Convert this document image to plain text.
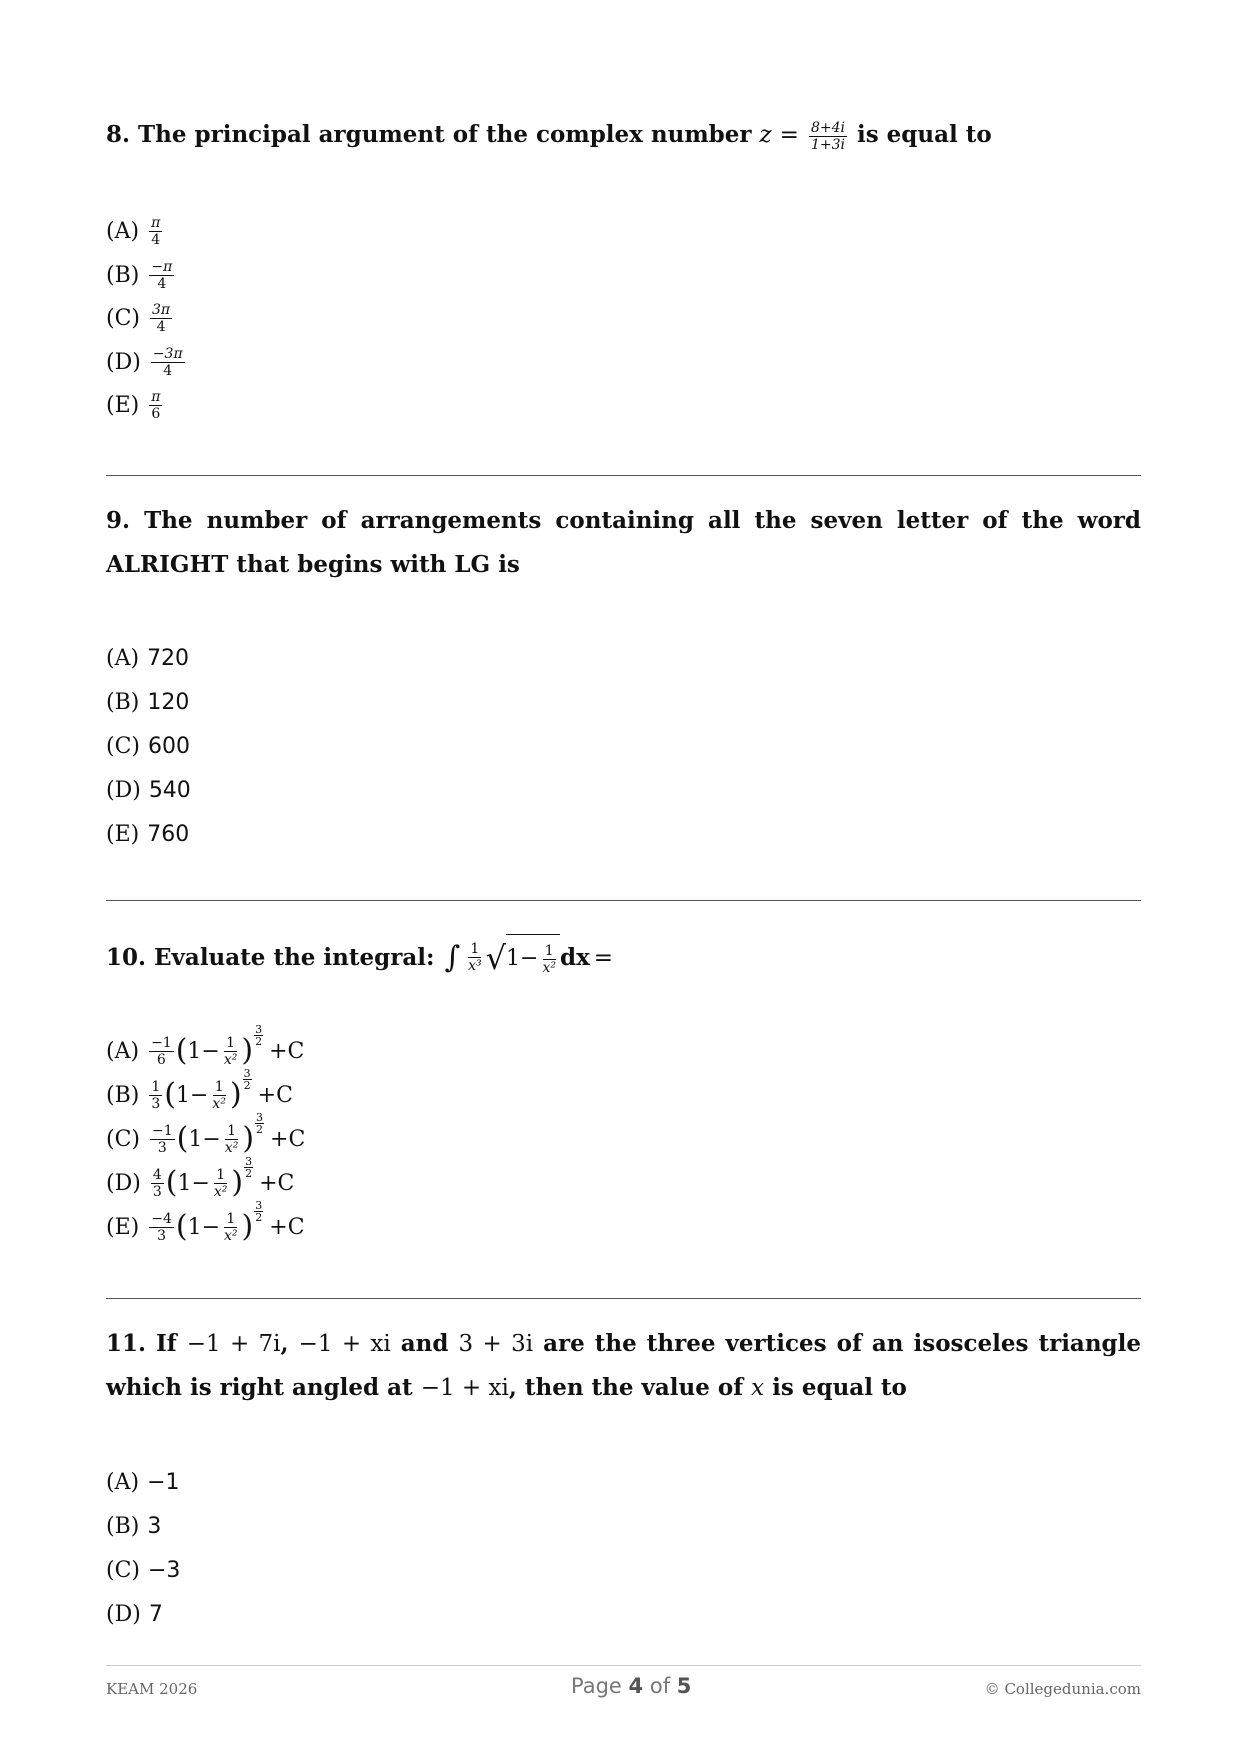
8. The principal argument of the complex number $z = \frac{8+4i}{1+3i}$ is equal to
$(A) \frac{\pi}{4}$
$(B) \frac{-\pi}{4}$
$(C) \frac{3\pi}{4}$
$(D) \frac{-3\pi}{4}$
$(E) \frac{\pi}{6}$
9. The number of arrangements containing all the seven letter of the word ALRIGHT that begins with LG is
(A) 720
(B) 120
(C) 600
(D) 540
(E) 760
10. Evaluate the integral: ∫ $\frac{1}{\text{x³}}$ √ $1- \frac{1}{\text{x²}}$ dx =
$(A) \frac{-1}{6}$ ( $1- \frac{1}{\text{x²}}$ )
3
2 +C
$(B) \frac{1}{3}$ ( $1- \frac{1}{\text{x²}}$ )
3
2 +C
$(C) \frac{-1}{3}$ ( $1- \frac{1}{\text{x²}}$ )
3
2 +C
$(D) \frac{4}{3}$ ( $1- \frac{1}{\text{x²}}$ )
3
2 +C
$(E) \frac{-4}{3}$ ( $1- \frac{1}{\text{x²}}$ )
3
2 +C
11. If −1 + 7i, −1 + xi and 3 + 3i are the three vertices of an isosceles triangle which is right angled at −1 + xi, then the value of x is equal to
(A) −1
(B) 3
(C) −3
(D) 7
KEAM 2026	Page 4 of 5	© Collegedunia.com
